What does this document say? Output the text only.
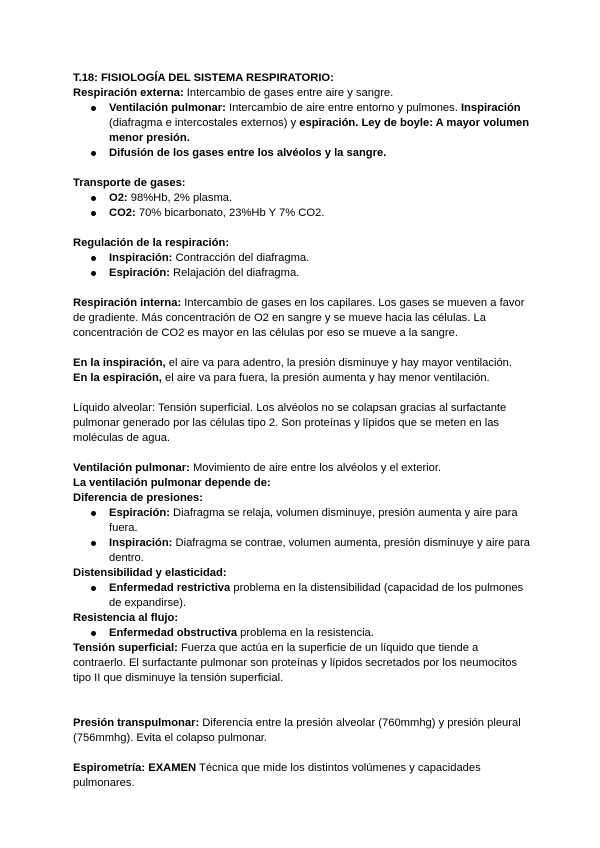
T.18: FISIOLOGÍA DEL SISTEMA RESPIRATORIO:

Respiración externa: Intercambio de gases entre aire y sangre.

Ventilación pulmonar: Intercambio de aire entre entorno y pulmones. Inspiración (diafragma e intercostales externos) y espiración. Ley de boyle: A mayor volumen menor presión.
Difusión de los gases entre los alvéolos y la sangre.

Transporte de gases:

O2: 98%Hb, 2% plasma.
CO2: 70% bicarbonato, 23%Hb Y 7% CO2.

Regulación de la respiración:

Inspiración: Contracción del diafragma.
Espiración: Relajación del diafragma.

Respiración interna: Intercambio de gases en los capilares. Los gases se mueven a favor de gradiente. Más concentración de O2 en sangre y se mueve hacia las células. La concentración de CO2 es mayor en las células por eso se mueve a la sangre.

En la inspiración, el aire va para adentro, la presión disminuye y hay mayor ventilación.

En la espiración, el aire va para fuera, la presión aumenta y hay menor ventilación.

Líquido alveolar: Tensión superficial. Los alvéolos no se colapsan gracias al surfactante pulmonar generado por las células tipo 2. Son proteínas y lípidos que se meten en las moléculas de agua.

Ventilación pulmonar: Movimiento de aire entre los alvéolos y el exterior.

La ventilación pulmonar depende de:

Diferencia de presiones:

Espiración: Diafragma se relaja, volumen disminuye, presión aumenta y aire para fuera.
Inspiración: Diafragma se contrae, volumen aumenta, presión disminuye y aire para dentro.

Distensibilidad y elasticidad:

Enfermedad restrictiva problema en la distensibilidad (capacidad de los pulmones de expandirse).

Resistencia al flujo:

Enfermedad obstructiva problema en la resistencia.

Tensión superficial: Fuerza que actúa en la superficie de un líquido que tiende a contraerlo. El surfactante pulmonar son proteínas y lípidos secretados por los neumocitos tipo II que disminuye la tensión superficial.

Presión transpulmonar: Diferencia entre la presión alveolar (760mmhg) y presión pleural (756mmhg). Evita el colapso pulmonar.

Espirometría: EXAMEN Técnica que mide los distintos volúmenes y capacidades pulmonares.
